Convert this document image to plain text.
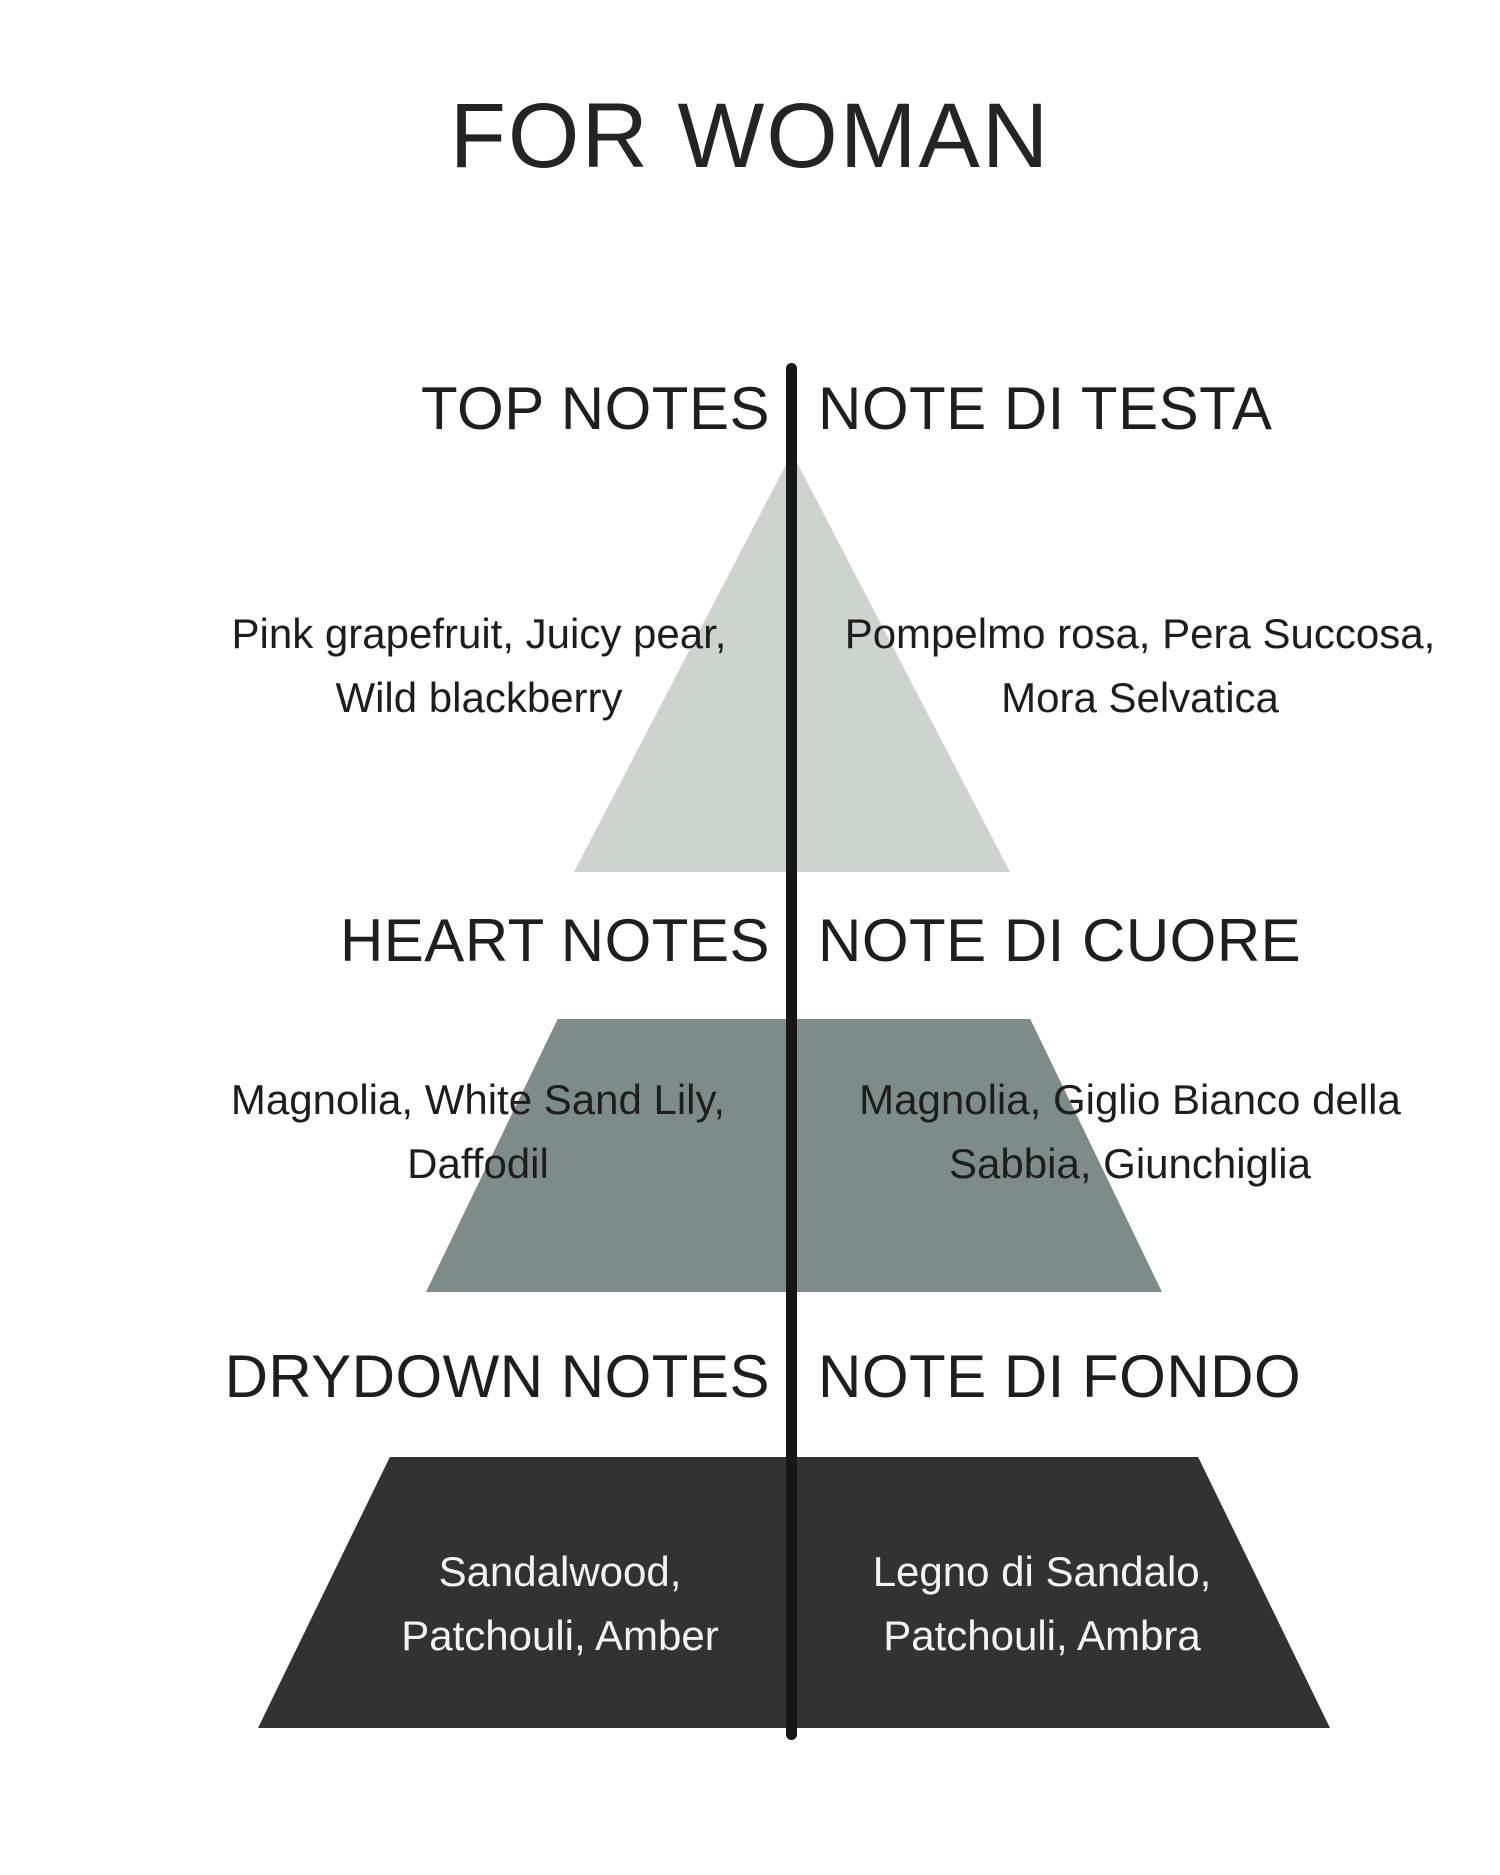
FOR WOMAN
TOP NOTES NOTE DI TESTA
Pink grapefruit, Juicy pear,
Wild blackberry
Pompelmo rosa, Pera Succosa,
Mora Selvatica
HEART NOTES NOTE DI CUORE
Magnolia, White Sand Lily,
Daffodil
Magnolia, Giglio Bianco della
Sabbia, Giunchiglia
DRYDOWN NOTES NOTE DI FONDO
Sandalwood,
Patchouli, Amber
Legno di Sandalo,
Patchouli, Ambra
